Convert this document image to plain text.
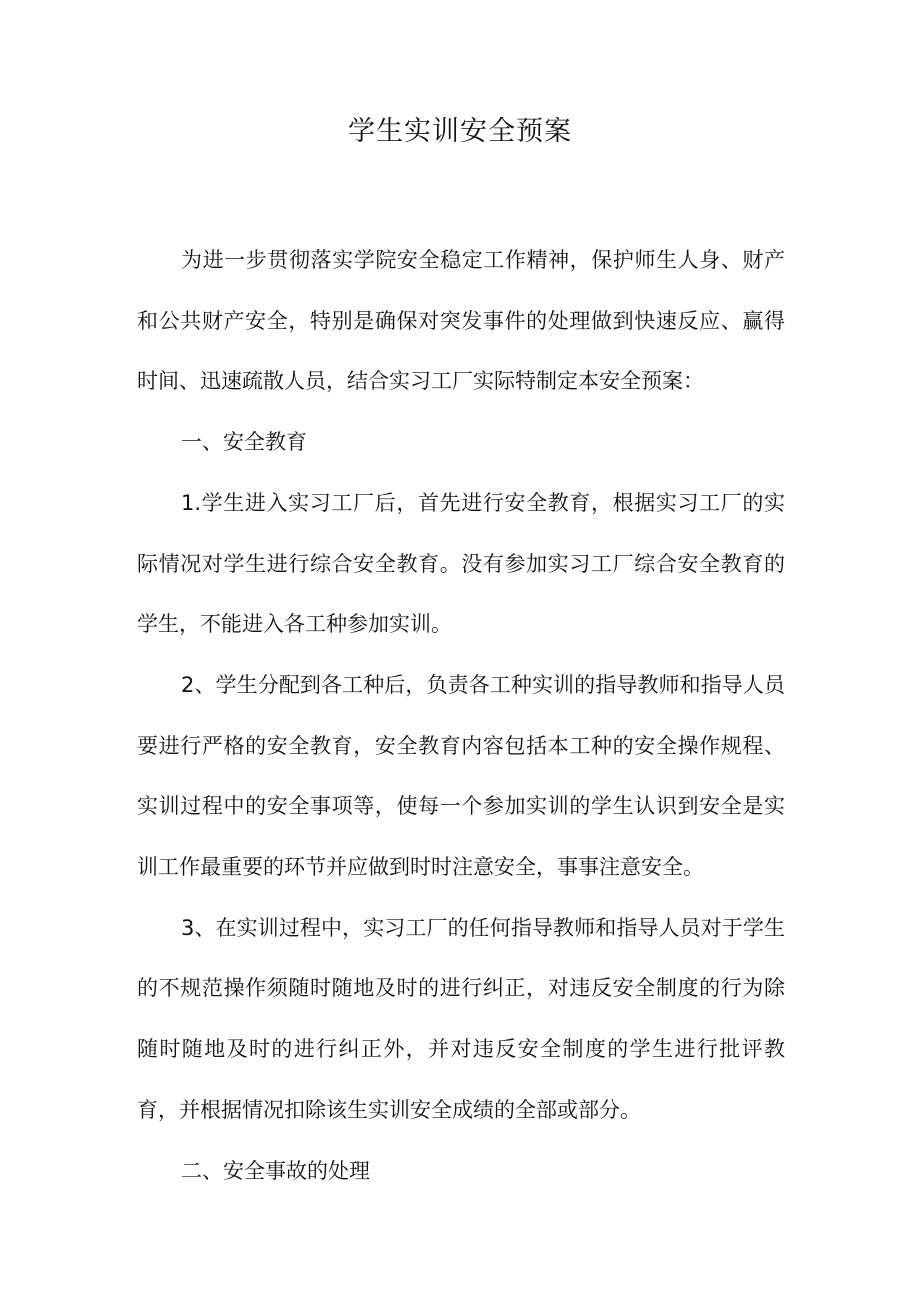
学生实训安全预案

为进一步贯彻落实学院安全稳定工作精神，保护师生人身、财产和公共财产安全，特别是确保对突发事件的处理做到快速反应、赢得时间、迅速疏散人员，结合实习工厂实际特制定本安全预案：

一、安全教育

1.学生进入实习工厂后，首先进行安全教育，根据实习工厂的实际情况对学生进行综合安全教育。没有参加实习工厂综合安全教育的学生，不能进入各工种参加实训。

2、学生分配到各工种后，负责各工种实训的指导教师和指导人员要进行严格的安全教育，安全教育内容包括本工种的安全操作规程、实训过程中的安全事项等，使每一个参加实训的学生认识到安全是实训工作最重要的环节并应做到时时注意安全，事事注意安全。

3、在实训过程中，实习工厂的任何指导教师和指导人员对于学生的不规范操作须随时随地及时的进行纠正，对违反安全制度的行为除随时随地及时的进行纠正外，并对违反安全制度的学生进行批评教育，并根据情况扣除该生实训安全成绩的全部或部分。

二、安全事故的处理
